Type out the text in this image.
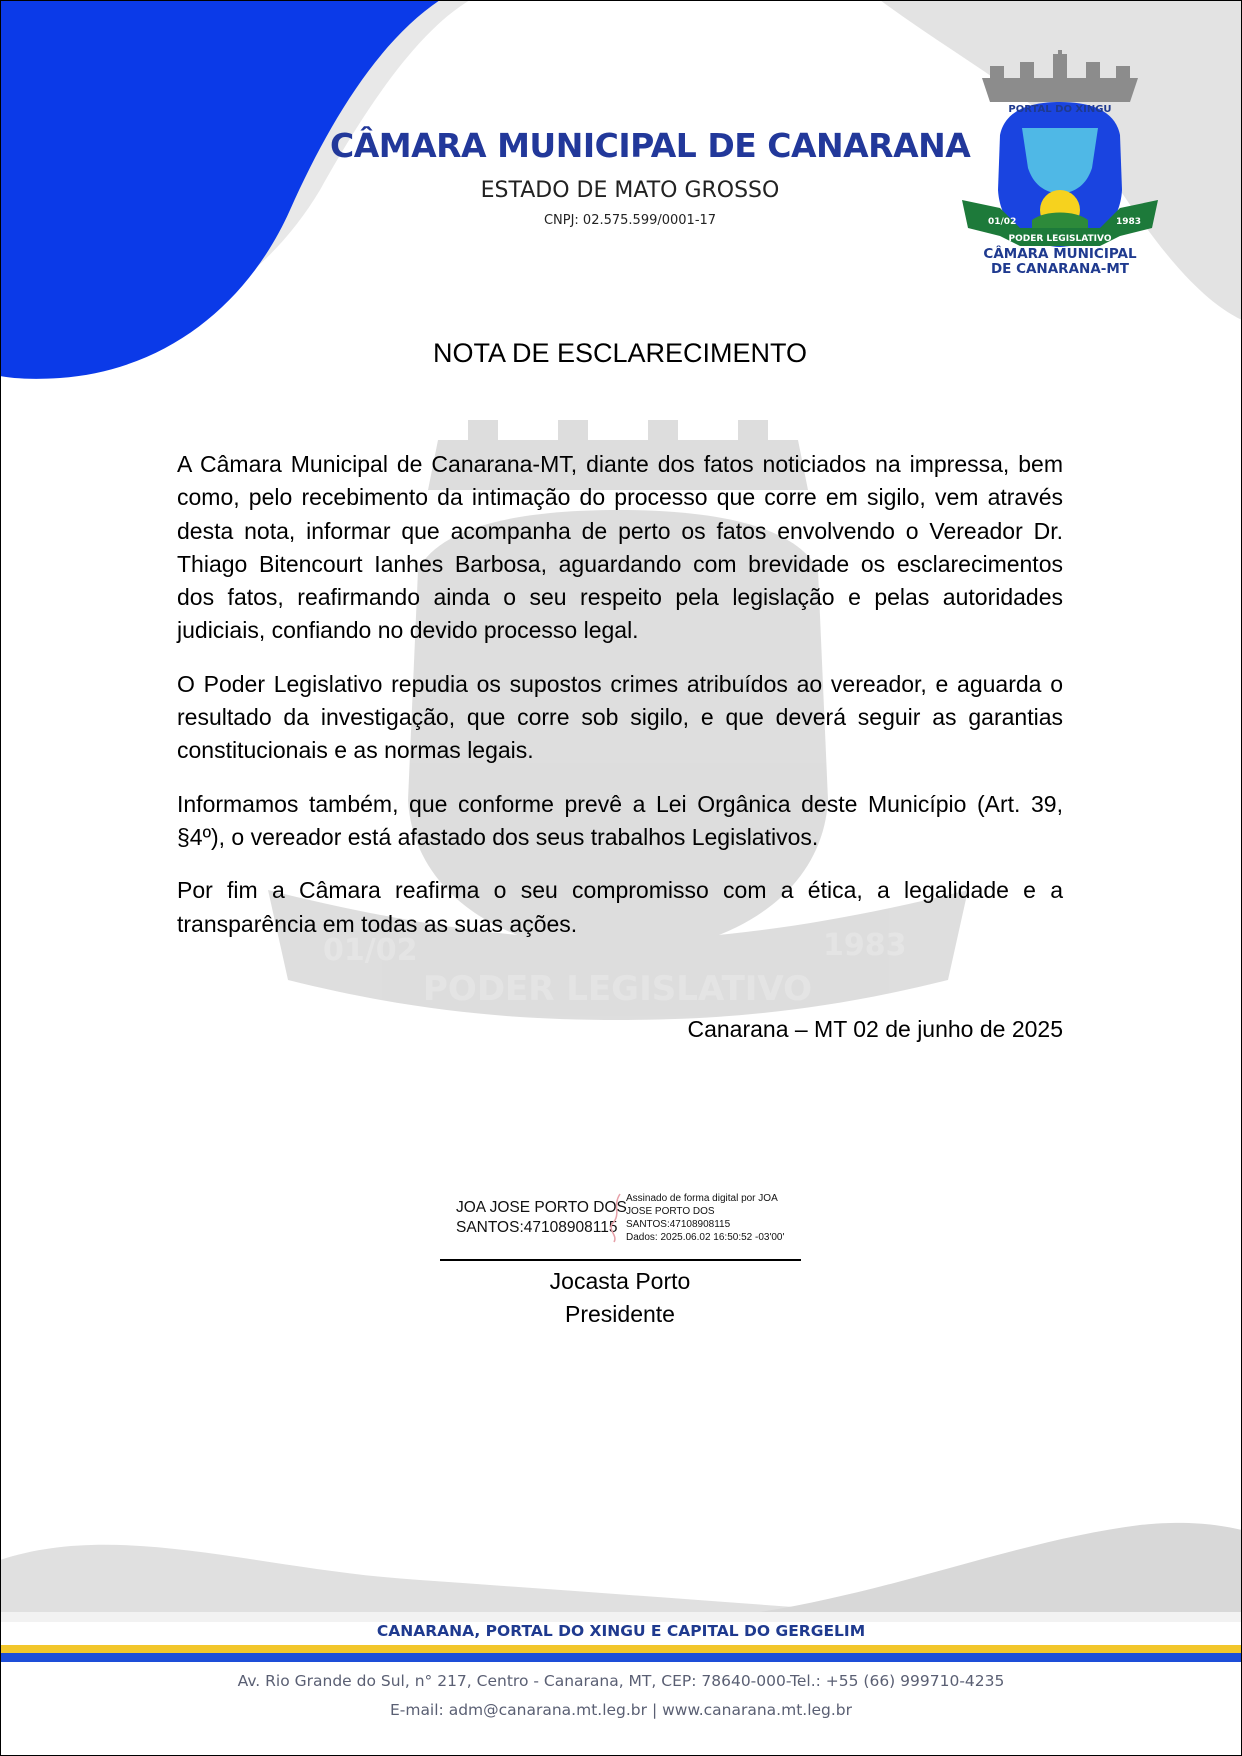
01/02	1983
PODER LEGISLATIVO
CÂMARA MUNICIPAL DE CANARANA
ESTADO DE MATO GROSSO
CNPJ: 02.575.599/0001-17
PORTAL DO XINGU
01/02	1983
PODER LEGISLATIVO
CÂMARA MUNICIPAL
DE CANARANA-MT
NOTA DE ESCLARECIMENTO

A Câmara Municipal de Canarana-MT, diante dos fatos noticiados na impressa, bem como, pelo recebimento da intimação do processo que corre em sigilo, vem através desta nota, informar que acompanha de perto os fatos envolvendo o Vereador Dr. Thiago Bitencourt Ianhes Barbosa, aguardando com brevidade os esclarecimentos dos fatos, reafirmando ainda o seu respeito pela legislação e pelas autoridades judiciais, confiando no devido processo legal.

O Poder Legislativo repudia os supostos crimes atribuídos ao vereador, e aguarda o resultado da investigação, que corre sob sigilo, e que deverá seguir as garantias constitucionais e as normas legais.

Informamos também, que conforme prevê a Lei Orgânica deste Município (Art. 39, §4º), o vereador está afastado dos seus trabalhos Legislativos.

Por fim a Câmara reafirma o seu compromisso com a ética, a legalidade e a transparência em todas as suas ações.

Canarana – MT 02 de junho de 2025
JOA JOSE PORTO DOS
SANTOS:47108908115
Assinado de forma digital por JOA
JOSE PORTO DOS
SANTOS:47108908115
Dados: 2025.06.02 16:50:52 -03'00'
Jocasta Porto
Presidente
CANARANA, PORTAL DO XINGU E CAPITAL DO GERGELIM
Av. Rio Grande do Sul, n° 217, Centro - Canarana, MT, CEP: 78640-000-Tel.: +55 (66) 999710-4235
E-mail: adm@canarana.mt.leg.br | www.canarana.mt.leg.br
